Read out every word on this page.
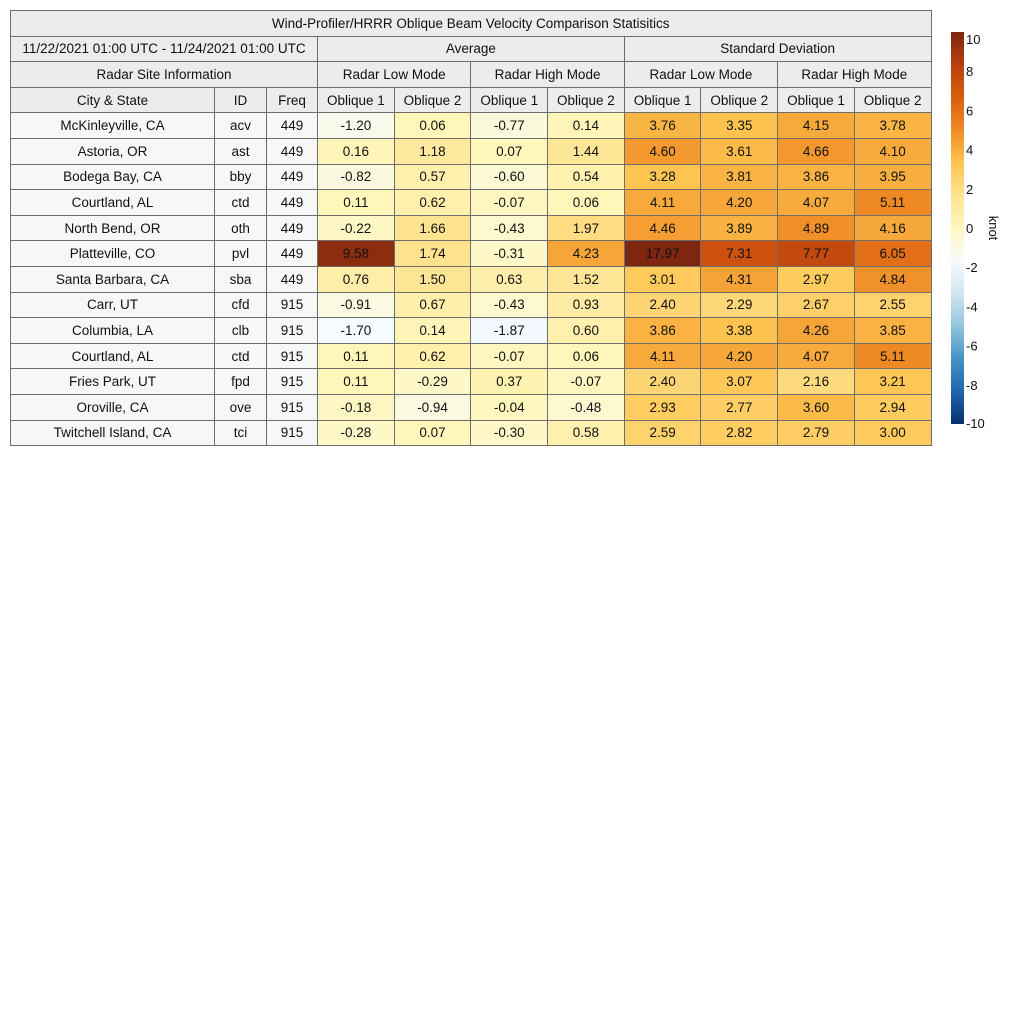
Wind-Profiler/HRRR Oblique Beam Velocity Comparison Statisitics										
11/22/2021 01:00 UTC - 11/24/2021 01:00 UTC			Average				Standard Deviation			
Radar Site Information			Radar Low Mode		Radar High Mode		Radar Low Mode		Radar High Mode	
City & State	ID	Freq	Oblique 1	Oblique 2	Oblique 1	Oblique 2	Oblique 1	Oblique 2	Oblique 1	Oblique 2
McKinleyville, CA	acv	449	-1.20	0.06	-0.77	0.14	3.76	3.35	4.15	3.78
Astoria, OR	ast	449	0.16	1.18	0.07	1.44	4.60	3.61	4.66	4.10
Bodega Bay, CA	bby	449	-0.82	0.57	-0.60	0.54	3.28	3.81	3.86	3.95
Courtland, AL	ctd	449	0.11	0.62	-0.07	0.06	4.11	4.20	4.07	5.11
North Bend, OR	oth	449	-0.22	1.66	-0.43	1.97	4.46	3.89	4.89	4.16
Platteville, CO	pvl	449	9.58	1.74	-0.31	4.23	17.97	7.31	7.77	6.05
Santa Barbara, CA	sba	449	0.76	1.50	0.63	1.52	3.01	4.31	2.97	4.84
Carr, UT	cfd	915	-0.91	0.67	-0.43	0.93	2.40	2.29	2.67	2.55
Columbia, LA	clb	915	-1.70	0.14	-1.87	0.60	3.86	3.38	4.26	3.85
Courtland, AL	ctd	915	0.11	0.62	-0.07	0.06	4.11	4.20	4.07	5.11
Fries Park, UT	fpd	915	0.11	-0.29	0.37	-0.07	2.40	3.07	2.16	3.21
Oroville, CA	ove	915	-0.18	-0.94	-0.04	-0.48	2.93	2.77	3.60	2.94
Twitchell Island, CA	tci	915	-0.28	0.07	-0.30	0.58	2.59	2.82	2.79	3.00
10
8
6
4
2
0
-2
-4
-6
-8
-10
knot
